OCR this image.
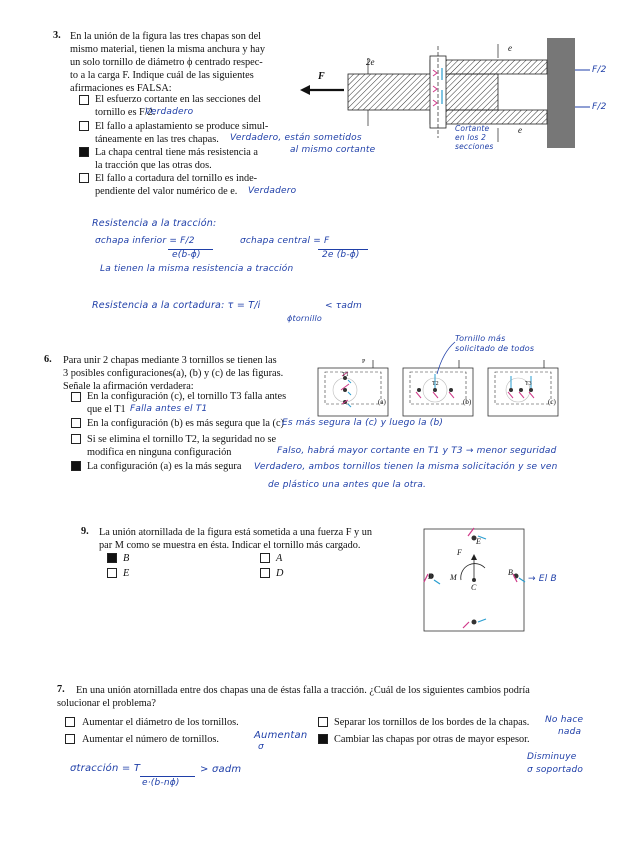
3. En la unión de la figura las tres chapas son del
mismo material, tienen la misma anchura y hay
un solo tornillo de diámetro ϕ centrado respec-
to a la carga F. Indique cuál de las siguientes
afirmaciones es FALSA:
El esfuerzo cortante en las secciones del
tornillo es F/2.
El fallo a aplastamiento se produce simul-
táneamente en las tres chapas.
La chapa central tiene más resistencia a
la tracción que las otras dos.
El fallo a cortadura del tornillo es inde-
pendiente del valor numérico de e.
Verdadero
Verdadero, están sometidos
al mismo cortante
Verdadero
F
e
2e
e
F/2
F/2
Cortante
en los 2
secciones
Resistencia a la tracción:
σchapa inferior = F/2
e(b-ϕ)
σchapa central = F
2e (b-ϕ)
La tienen la misma resistencia a tracción
Resistencia a la cortadura: τ = T/i
ϕtornillo
< τadm
Tornillo más
solicitado de todos
6. Para unir 2 chapas mediante 3 tornillos se tienen las
3 posibles configuraciones(a), (b) y (c) de las figuras.
Señale la afirmación verdadera:
En la configuración (c), el tornillo T3 falla antes
que el T1 Falla antes el T1
En la configuración (b) es más segura que la (c)
Es más segura la (c) y luego la (b)
Si se elimina el tornillo T2, la seguridad no se
modifica en ninguna configuración	Falso, habrá mayor cortante en T1 y T3 → menor seguridad
La configuración (a) es la más segura Verdadero, ambos tornillos tienen la misma solicitación y se ven
de plástico una antes que la otra.
(a)	(b)	(c)
P
T1
T2	T3
9. La unión atornillada de la figura está sometida a una fuerza F y un
par M como se muestra en ésta. Indicar el tornillo más cargado.
B	A
E	D
E
F
D M
C
B
→ El B
7. En una unión atornillada entre dos chapas una de éstas falla a tracción. ¿Cuál de los siguientes cambios podría
solucionar el problema?
Aumentar el diámetro de los tornillos.
Aumentar el número de tornillos.
Separar los tornillos de los bordes de la chapas.
Cambiar las chapas por otras de mayor espesor.
Aumentan
σ
No hace
nada
Disminuye
σ soportado
σtracción = T
e·(b-nϕ)
> σadm
